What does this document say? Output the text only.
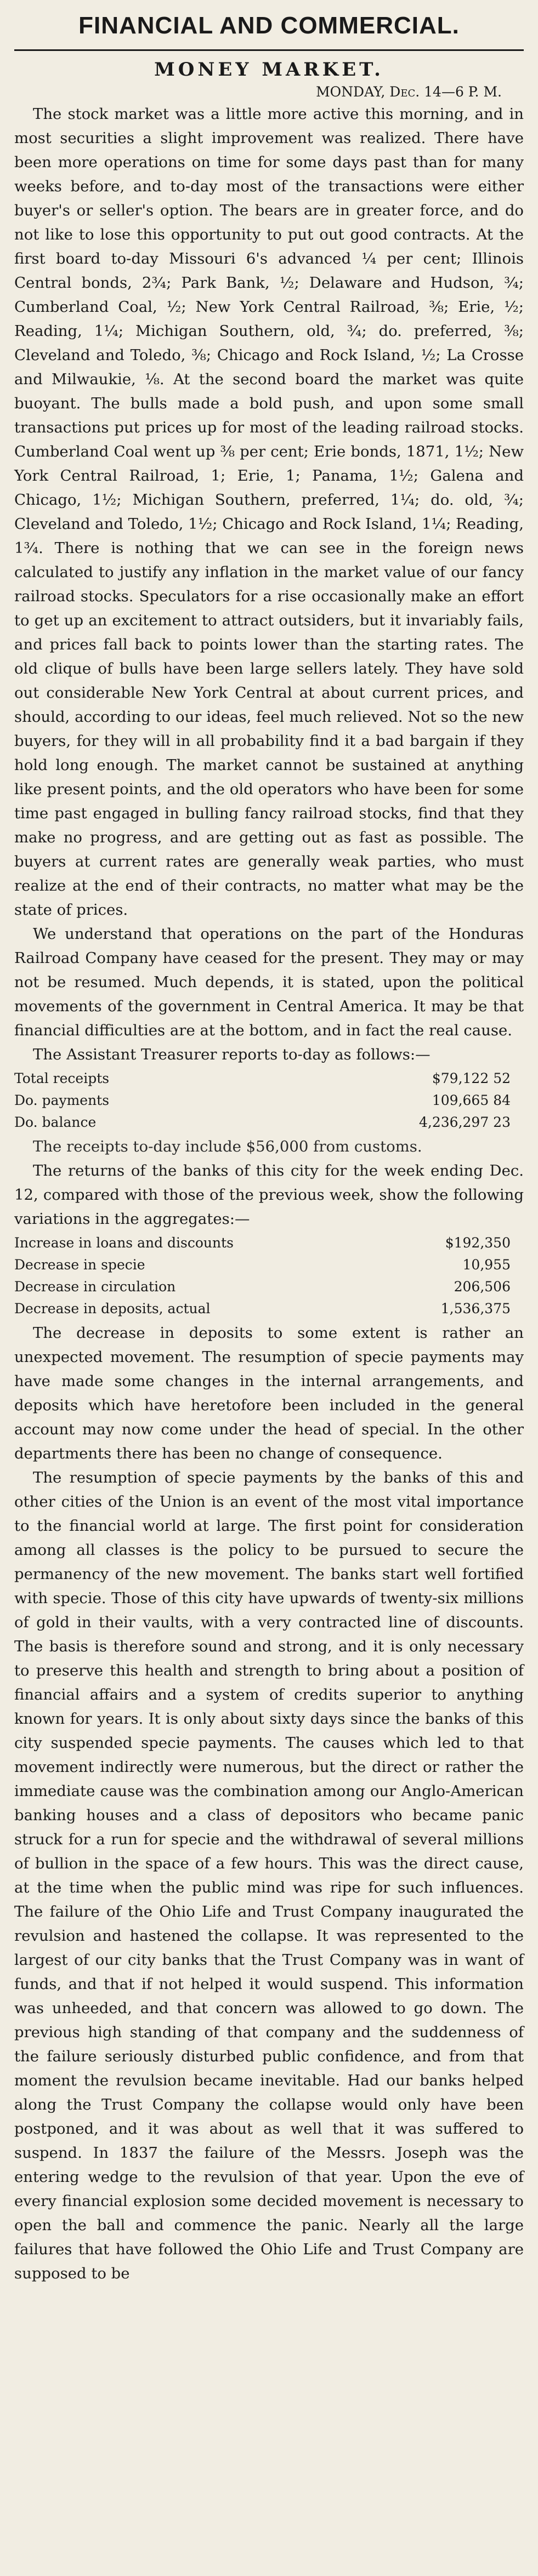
FINANCIAL AND COMMERCIAL.
MONEY MARKET.
MONDAY, Dec. 14—6 P. M.

The stock market was a little more active this morning, and in most securities a slight improvement was realized. There have been more operations on time for some days past than for many weeks before, and to-day most of the transactions were either buyer's or seller's option. The bears are in greater force, and do not like to lose this opportunity to put out good contracts. At the first board to-day Missouri 6's advanced ¼ per cent; Illinois Central bonds, 2¾; Park Bank, ½; Delaware and Hudson, ¾; Cumberland Coal, ½; New York Central Railroad, ⅜; Erie, ½; Reading, 1¼; Michigan Southern, old, ¾; do. preferred, ⅜; Cleveland and Toledo, ⅜; Chicago and Rock Island, ½; La Crosse and Milwaukie, ⅛. At the second board the market was quite buoyant. The bulls made a bold push, and upon some small transactions put prices up for most of the leading railroad stocks. Cumberland Coal went up ⅜ per cent; Erie bonds, 1871, 1½; New York Central Railroad, 1; Erie, 1; Panama, 1½; Galena and Chicago, 1½; Michigan Southern, preferred, 1¼; do. old, ¾; Cleveland and Toledo, 1½; Chicago and Rock Island, 1¼; Reading, 1¾. There is nothing that we can see in the foreign news calculated to justify any inflation in the market value of our fancy railroad stocks. Speculators for a rise occasionally make an effort to get up an excitement to attract outsiders, but it invariably fails, and prices fall back to points lower than the starting rates. The old clique of bulls have been large sellers lately. They have sold out considerable New York Central at about current prices, and should, according to our ideas, feel much relieved. Not so the new buyers, for they will in all probability find it a bad bargain if they hold long enough. The market cannot be sustained at anything like present points, and the old operators who have been for some time past engaged in bulling fancy railroad stocks, find that they make no progress, and are getting out as fast as possible. The buyers at current rates are generally weak parties, who must realize at the end of their contracts, no matter what may be the state of prices.

We understand that operations on the part of the Honduras Railroad Company have ceased for the present. They may or may not be resumed. Much depends, it is stated, upon the political movements of the government in Central America. It may be that financial difficulties are at the bottom, and in fact the real cause.

The Assistant Treasurer reports to-day as follows:—
Total receipts	$79,122 52
Do. payments	109,665 84
Do. balance	4,236,297 23
The receipts to-day include $56,000 from customs.

The returns of the banks of this city for the week ending Dec. 12, compared with those of the previous week, show the following variations in the aggregates:—

Increase in loans and discounts	$192,350
Decrease in specie	10,955
Decrease in circulation	206,506
Decrease in deposits, actual	1,536,375

The decrease in deposits to some extent is rather an unexpected movement. The resumption of specie payments may have made some changes in the internal arrangements, and deposits which have heretofore been included in the general account may now come under the head of special. In the other departments there has been no change of consequence.

The resumption of specie payments by the banks of this and other cities of the Union is an event of the most vital importance to the financial world at large. The first point for consideration among all classes is the policy to be pursued to secure the permanency of the new movement. The banks start well fortified with specie. Those of this city have upwards of twenty-six millions of gold in their vaults, with a very contracted line of discounts. The basis is therefore sound and strong, and it is only necessary to preserve this health and strength to bring about a position of financial affairs and a system of credits superior to anything known for years. It is only about sixty days since the banks of this city suspended specie payments. The causes which led to that movement indirectly were numerous, but the direct or rather the immediate cause was the combination among our Anglo-American banking houses and a class of depositors who became panic struck for a run for specie and the withdrawal of several millions of bullion in the space of a few hours. This was the direct cause, at the time when the public mind was ripe for such influences. The failure of the Ohio Life and Trust Company inaugurated the revulsion and hastened the collapse. It was represented to the largest of our city banks that the Trust Company was in want of funds, and that if not helped it would suspend. This information was unheeded, and that concern was allowed to go down. The previous high standing of that company and the suddenness of the failure seriously disturbed public confidence, and from that moment the revulsion became inevitable. Had our banks helped along the Trust Company the collapse would only have been postponed, and it was about as well that it was suffered to suspend. In 1837 the failure of the Messrs. Joseph was the entering wedge to the revulsion of that year. Upon the eve of every financial explosion some decided movement is necessary to open the ball and commence the panic. Nearly all the large failures that have followed the Ohio Life and Trust Company are supposed to be
